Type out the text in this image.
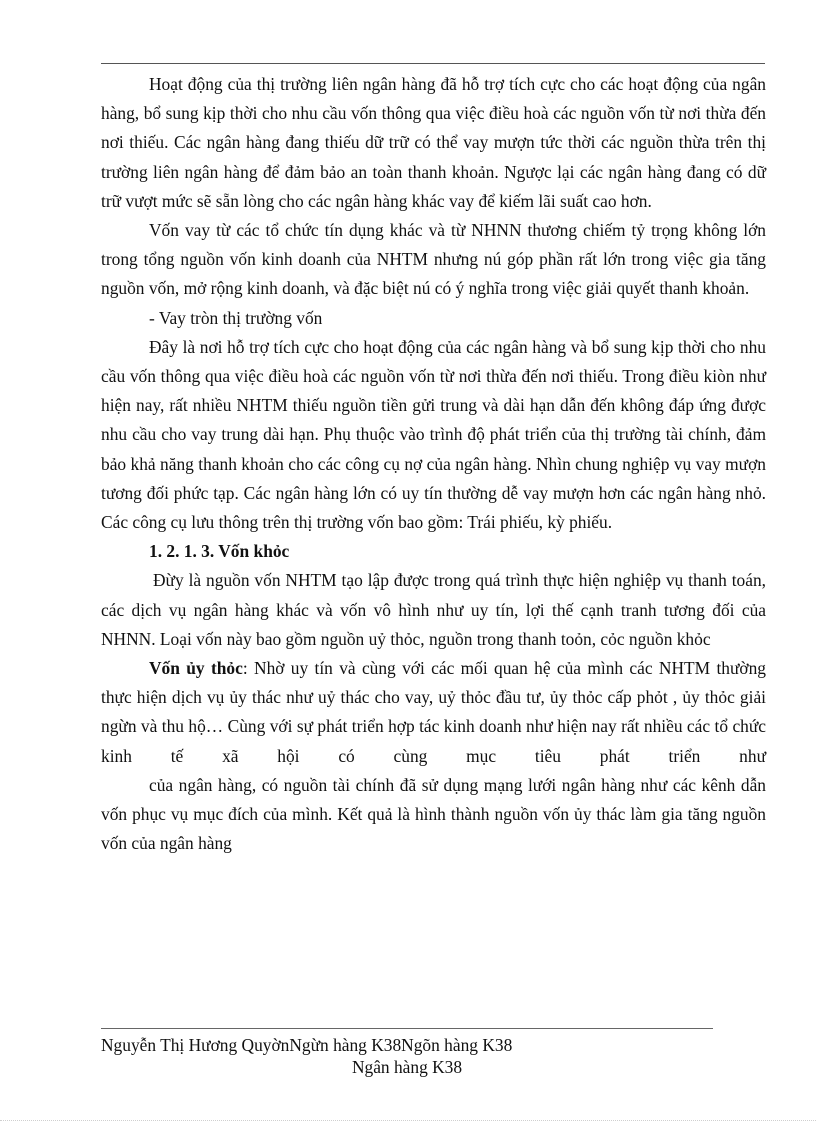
Hoạt động của thị trường liên ngân hàng đã hỗ trợ tích cực cho các hoạt động của ngân hàng, bổ sung kịp thời cho nhu cầu vốn thông qua việc điều hoà các nguồn vốn từ nơi thừa đến nơi thiếu. Các ngân hàng đang thiếu dữ trữ có thể vay mượn tức thời các nguồn thừa trên thị trường liên ngân hàng để đảm bảo an toàn thanh khoản. Ngược lại các ngân hàng đang có dữ trữ vượt mức sẽ sẵn lòng cho các ngân hàng khác vay để kiếm lãi suất cao hơn.

Vốn vay từ các tổ chức tín dụng khác và từ NHNN thương chiếm tỷ trọng không lớn trong tổng nguồn vốn kinh doanh của NHTM nhưng nú góp phần rất lớn trong việc gia tăng nguồn vốn, mở rộng kinh doanh, và đặc biệt nú có ý nghĩa trong việc giải quyết thanh khoản.

- Vay tròn thị trường vốn

Đây là nơi hỗ trợ tích cực cho hoạt động của các ngân hàng và bổ sung kịp thời cho nhu cầu vốn thông qua việc điều hoà các nguồn vốn từ nơi thừa đến nơi thiếu. Trong điều kiòn như hiện nay, rất nhiều NHTM thiếu nguồn tiền gửi trung và dài hạn dẫn đến không đáp ứng được nhu cầu cho vay trung dài hạn. Phụ thuộc vào trình độ phát triển của thị trường tài chính, đảm bảo khả năng thanh khoản cho các công cụ nợ của ngân hàng. Nhìn chung nghiệp vụ vay mượn tương đối phức tạp. Các ngân hàng lớn có uy tín thường dễ vay mượn hơn các ngân hàng nhỏ. Các công cụ lưu thông trên thị trường vốn bao gồm: Trái phiếu, kỳ phiếu.

1. 2. 1. 3. Vốn khỏc

Đừy là nguồn vốn NHTM tạo lập được trong quá trình thực hiện nghiệp vụ thanh toán, các dịch vụ ngân hàng khác và vốn vô hình như uy tín, lợi thế cạnh tranh tương đối của NHNN. Loại vốn này bao gồm nguồn uỷ thỏc, nguồn trong thanh toỏn, cỏc nguồn khỏc

Vốn ủy thỏc: Nhờ uy tín và cùng với các mối quan hệ của mình các NHTM thường thực hiện dịch vụ ủy thác như uỷ thác cho vay, uỷ thỏc đầu tư, ủy thỏc cấp phỏt , ủy thỏc giải ngừn và thu hộ… Cùng với sự phát triển hợp tác kinh doanh như hiện nay rất nhiều các tổ chức kinh tế xã hội có cùng mục tiêu phát triển như

của ngân hàng, có nguồn tài chính đã sử dụng mạng lưới ngân hàng như các kênh dẫn vốn phục vụ mục đích của mình. Kết quả là hình thành nguồn vốn ủy thác làm gia tăng nguồn vốn của ngân hàng

Nguyễn Thị Hương QuyờnNgừn hàng K38Ngõn hàng K38
Ngân hàng K38
